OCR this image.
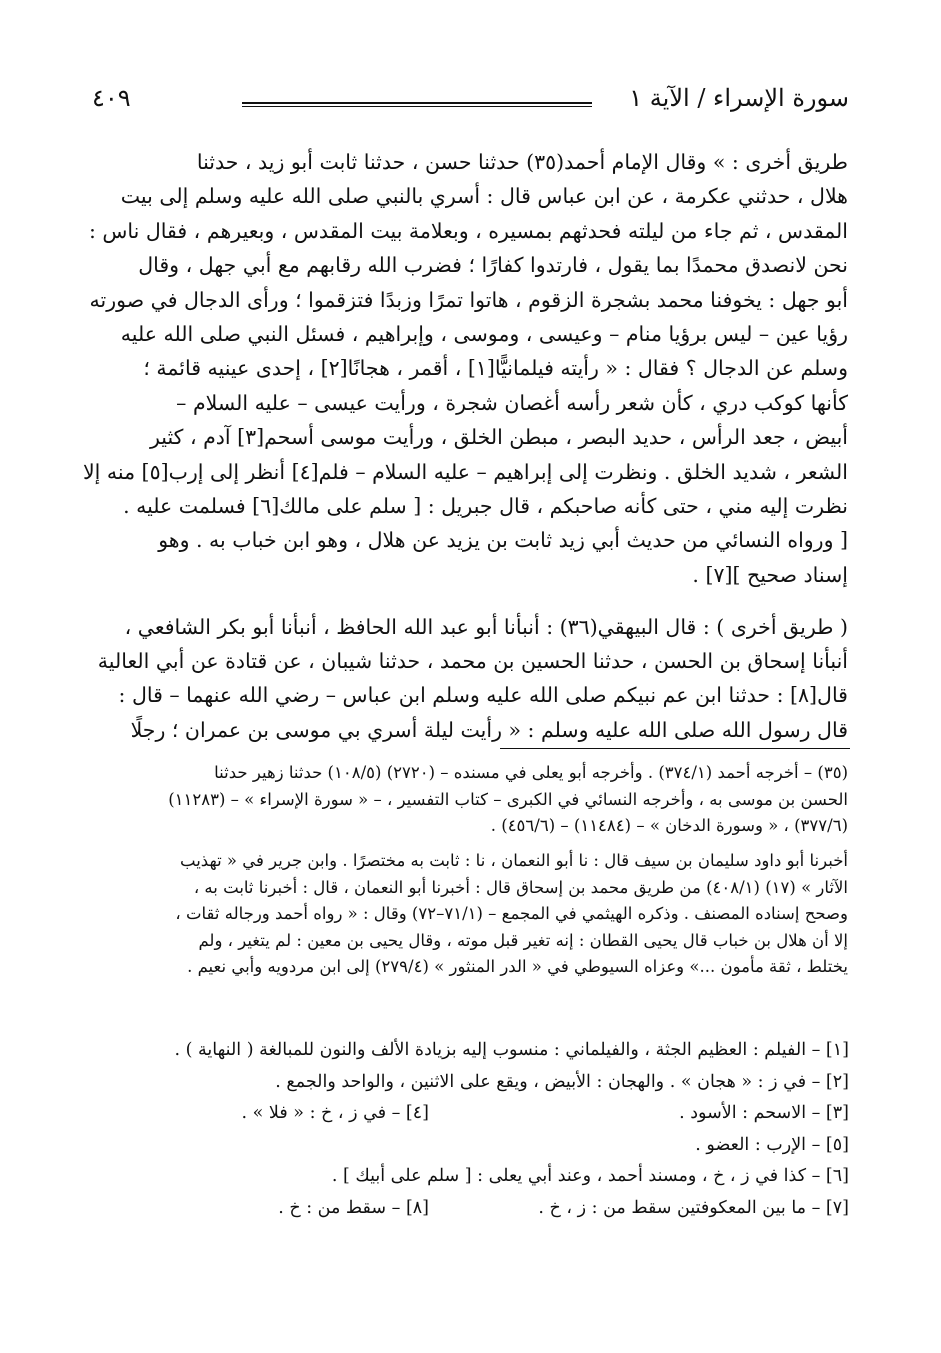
سورة الإسراء / الآية ١
٤٠٩
طريق أخرى : » وقال الإمام أحمد(٣٥) حدثنا حسن ، حدثنا ثابت أبو زيد ، حدثنا
هلال ، حدثني عكرمة ، عن ابن عباس قال : أسري بالنبي صلى الله عليه وسلم إلى بيت
المقدس ، ثم جاء من ليلته فحدثهم بمسيره ، وبعلامة بيت المقدس ، وبعيرهم ، فقال ناس :
نحن لانصدق محمدًا بما يقول ، فارتدوا كفارًا ؛ فضرب الله رقابهم مع أبي جهل ، وقال
أبو جهل : يخوفنا محمد بشجرة الزقوم ، هاتوا تمرًا وزبدًا فتزقموا ؛ ورأى الدجال في صورته
رؤيا عين – ليس برؤيا منام – وعيسى ، وموسى ، وإبراهيم ، فسئل النبي صلى الله عليه
وسلم عن الدجال ؟ فقال : « رأيته فيلمانيًّا[١] ، أقمر ، هجانًا[٢] ، إحدى عينيه قائمة ؛
كأنها كوكب دري ، كأن شعر رأسه أغصان شجرة ، ورأيت عيسى – عليه السلام –
أبيض ، جعد الرأس ، حديد البصر ، مبطن الخلق ، ورأيت موسى أسحم[٣] آدم ، كثير
الشعر ، شديد الخلق . ونظرت إلى إبراهيم – عليه السلام – فلم[٤] أنظر إلى إرب[٥] منه إلا
نظرت إليه مني ، حتى كأنه صاحبكم ، قال جبريل : [ سلم على مالك[٦] فسلمت عليه .
[ ورواه النسائي من حديث أبي زيد ثابت بن يزيد عن هلال ، وهو ابن خباب به . وهو
إسناد صحيح ][٧] .
( طريق أخرى ) : قال البيهقي(٣٦) : أنبأنا أبو عبد الله الحافظ ، أنبأنا أبو بكر الشافعي ،
أنبأنا إسحاق بن الحسن ، حدثنا الحسين بن محمد ، حدثنا شيبان ، عن قتادة عن أبي العالية
قال[٨] : حدثنا ابن عم نبيكم صلى الله عليه وسلم ابن عباس – رضي الله عنهما – قال :
قال رسول الله صلى الله عليه وسلم : « رأيت ليلة أسري بي موسى بن عمران ؛ رجلًا
(٣٥) – أخرجه أحمد (٣٧٤/١) . وأخرجه أبو يعلى في مسنده – (٢٧٢٠) (١٠٨/٥) حدثنا زهير حدثنا
الحسن بن موسى به ، وأخرجه النسائي في الكبرى – كتاب التفسير ، – « سورة الإسراء » – (١١٢٨٣)
(٣٧٧/٦) ، « وسورة الدخان » – (١١٤٨٤) – (٤٥٦/٦) .
أخبرنا أبو داود سليمان بن سيف قال : نا أبو النعمان ، نا : ثابت به مختصرًا . وابن جرير في « تهذيب
الآثار » (١٧) (٤٠٨/١) من طريق محمد بن إسحاق قال : أخبرنا أبو النعمان ، قال : أخبرنا ثابت به ،
وصحح إسناده المصنف . وذكره الهيثمي في المجمع – (٧١/١–٧٢) وقال : « رواه أحمد ورجاله ثقات ،
إلا أن هلال بن خباب قال يحيى القطان : إنه تغير قبل موته ، وقال يحيى بن معين : لم يتغير ، ولم
يختلط ، ثقة مأمون ...» وعزاه السيوطي في « الدر المنثور » (٢٧٩/٤) إلى ابن مردويه وأبي نعيم .
[١] – الفيلم : العظيم الجثة ، والفيلماني : منسوب إليه بزيادة الألف والنون للمبالغة ( النهاية ) .
[٢] – في ز : « هجان » . والهجان : الأبيض ، ويقع على الاثنين ، والواحد والجمع .
[٣] – الاسحم : الأسود .
[٤] – في ز ، خ : « فلا » .
[٥] – الإرب : العضو .
[٦] – كذا في ز ، خ ، ومسند أحمد ، وعند أبي يعلى : [ سلم على أبيك ] .
[٧] – ما بين المعكوفتين سقط من : ز ، خ .
[٨] – سقط من : خ .
